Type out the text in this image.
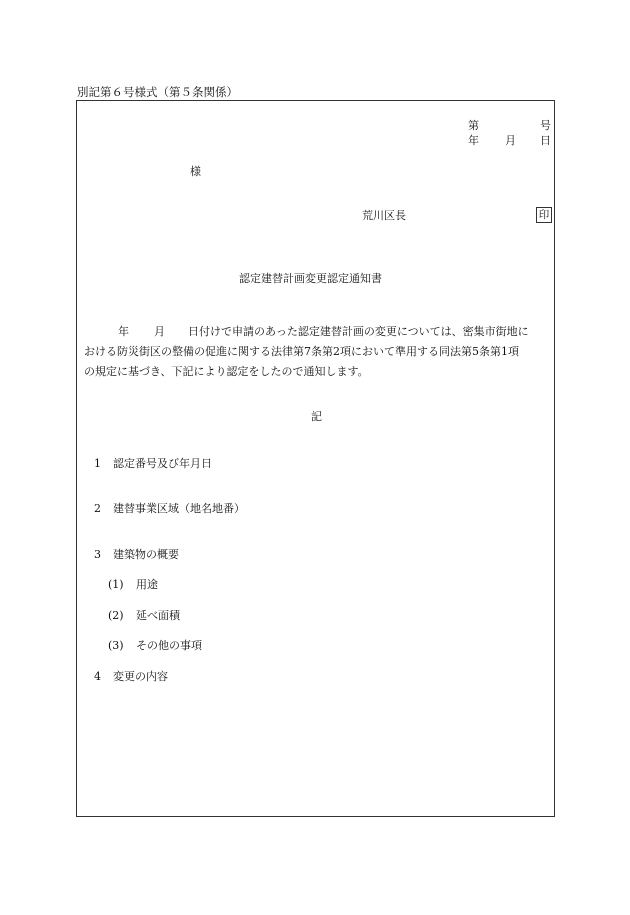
別記第６号様式（第５条関係）
第	号
年 月 日
様
荒川区長	印
認定建替計画変更認定通知書
年 月 日付けで申請のあった認定建替計画の変更については、密集市街地に
おける防災街区の整備の促進に関する法律第7条第2項において準用する同法第5条第1項
の規定に基づき、下記により認定をしたので通知します。
記
1 認定番号及び年月日
2 建替事業区域（地名地番）
3 建築物の概要
(1) 用途
(2) 延べ面積
(3) その他の事項
4 変更の内容
